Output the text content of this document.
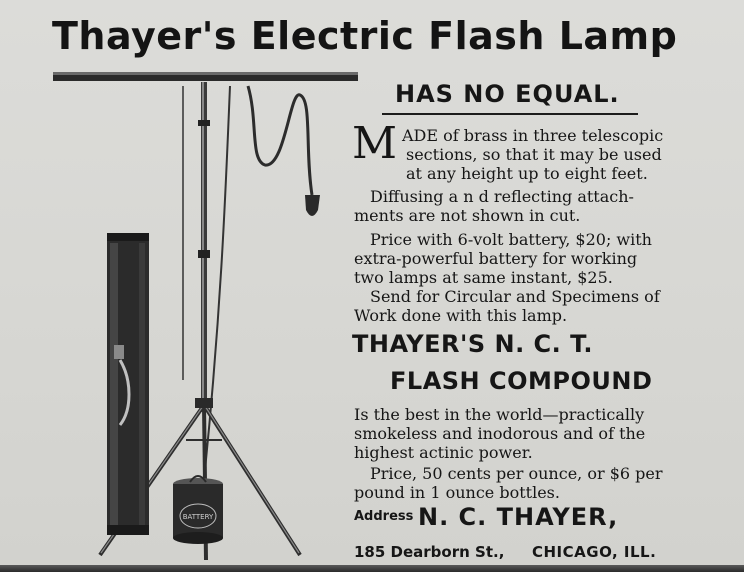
Thayer's Electric Flash Lamp
BATTERY
HAS NO EQUAL.
M ADE of brass in three telescopic
sections, so that it may be used
at any height up to eight feet.
Diffusing a n d reflecting attach-
ments are not shown in cut.
Price with 6-volt battery, $20; with
extra-powerful battery for working
two lamps at same instant, $25.
Send for Circular and Specimens of
Work done with this lamp.
THAYER'S N. C. T.
FLASH COMPOUND
Is the best in the world—practically
smokeless and inodorous and of the
highest actinic power.
Price, 50 cents per ounce, or $6 per
pound in 1 ounce bottles.
Address N. C. THAYER,
185 Dearborn St., CHICAGO, ILL.
